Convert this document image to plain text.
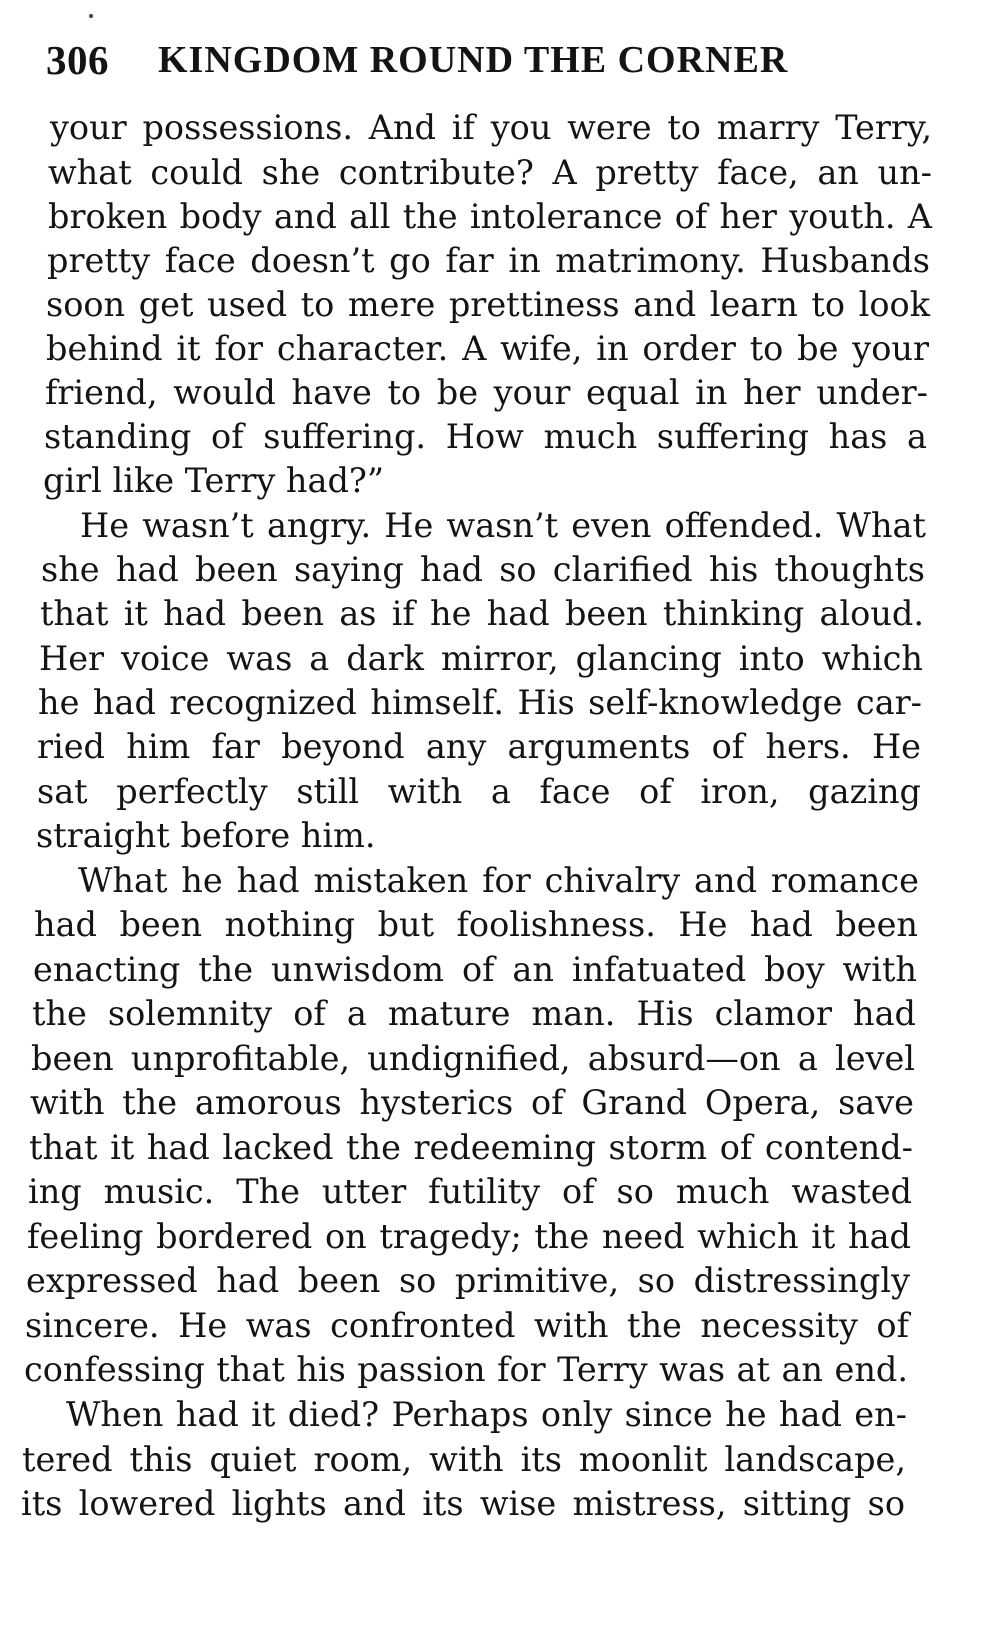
306 KINGDOM ROUND THE CORNER
your possessions. And if you were to marry Terry,
what could she contribute? A pretty face, an un-
broken body and all the intolerance of her youth. A
pretty face doesn’t go far in matrimony. Husbands
soon get used to mere prettiness and learn to look
behind it for character. A wife, in order to be your
friend, would have to be your equal in her under-
standing of suffering. How much suffering has a
girl like Terry had?”
He wasn’t angry. He wasn’t even offended. What
she had been saying had so clarified his thoughts
that it had been as if he had been thinking aloud.
Her voice was a dark mirror, glancing into which
he had recognized himself. His self-knowledge car-
ried him far beyond any arguments of hers. He
sat perfectly still with a face of iron, gazing
straight before him.
What he had mistaken for chivalry and romance
had been nothing but foolishness. He had been
enacting the unwisdom of an infatuated boy with
the solemnity of a mature man. His clamor had
been unprofitable, undignified, absurd—on a level
with the amorous hysterics of Grand Opera, save
that it had lacked the redeeming storm of contend-
ing music. The utter futility of so much wasted
feeling bordered on tragedy; the need which it had
expressed had been so primitive, so distressingly
sincere. He was confronted with the necessity of
confessing that his passion for Terry was at an end.
When had it died? Perhaps only since he had en-
tered this quiet room, with its moonlit landscape,
its lowered lights and its wise mistress, sitting so
